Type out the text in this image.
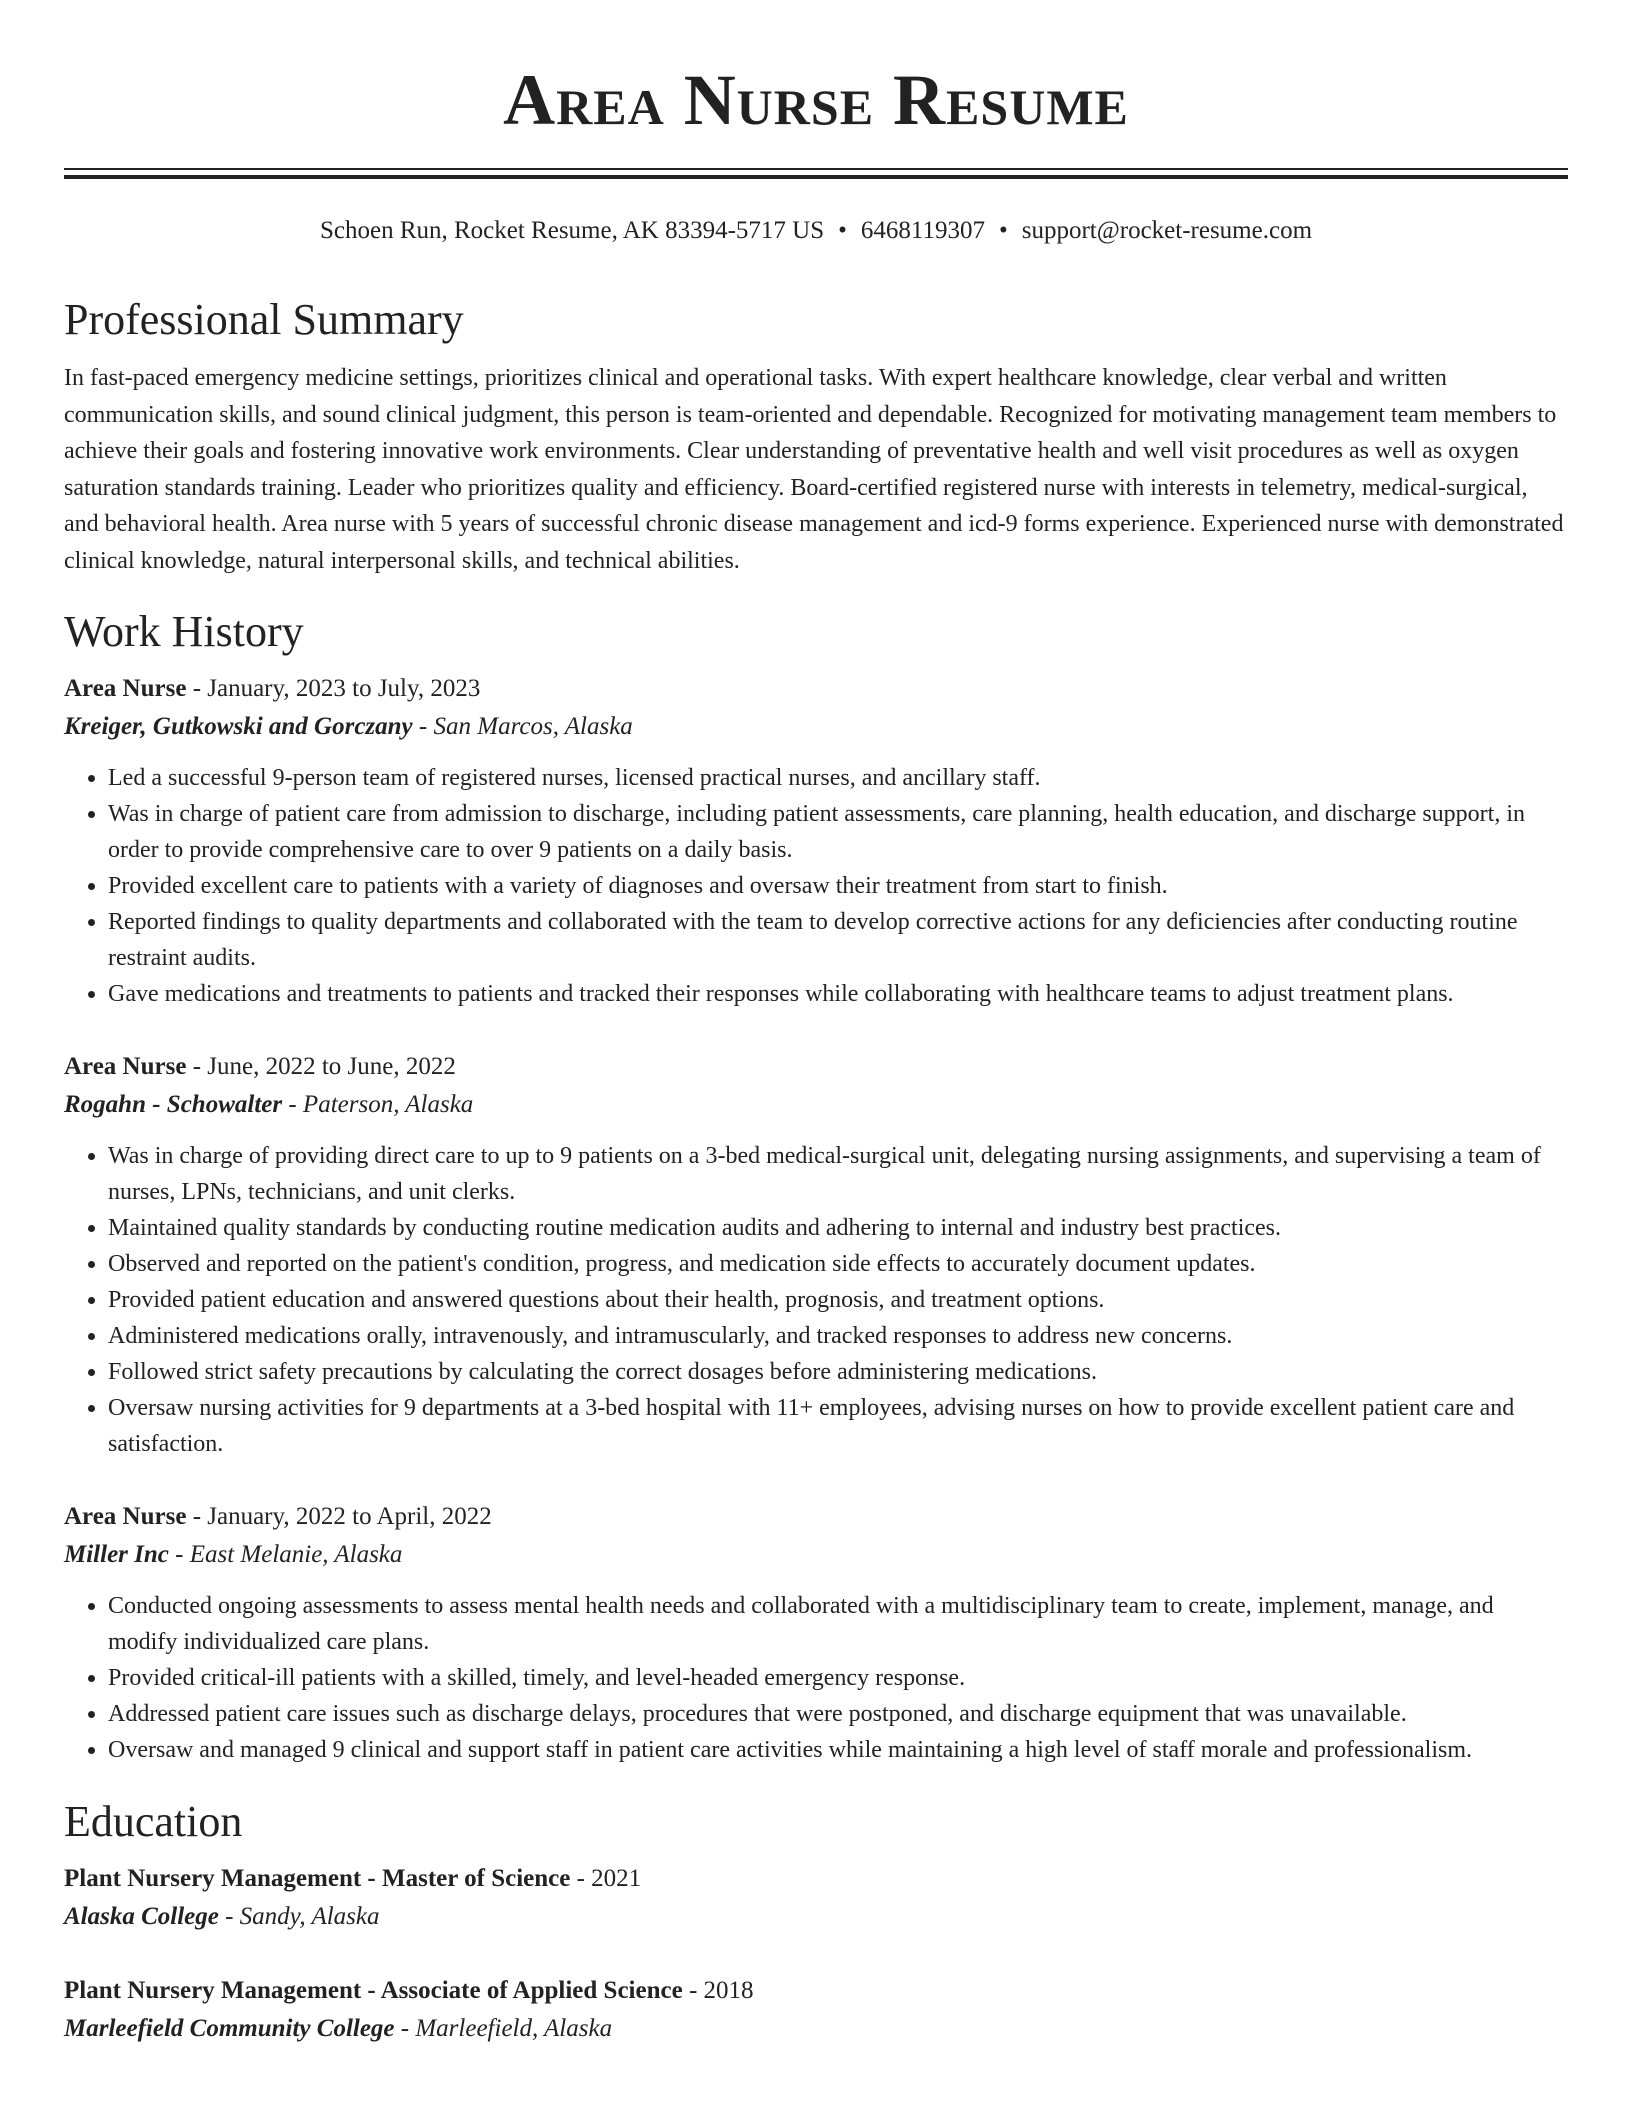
Area Nurse Resume
Schoen Run, Rocket Resume, AK 83394-5717 US • 6468119307 • support@rocket-resume.com
Professional Summary

In fast-paced emergency medicine settings, prioritizes clinical and operational tasks. With expert healthcare knowledge, clear verbal and written communication skills, and sound clinical judgment, this person is team-oriented and dependable. Recognized for motivating management team members to achieve their goals and fostering innovative work environments. Clear understanding of preventative health and well visit procedures as well as oxygen saturation standards training. Leader who prioritizes quality and efficiency. Board-certified registered nurse with interests in telemetry, medical-surgical, and behavioral health. Area nurse with 5 years of successful chronic disease management and icd-9 forms experience. Experienced nurse with demonstrated clinical knowledge, natural interpersonal skills, and technical abilities.

Work History
Area Nurse - January, 2023 to July, 2023
Kreiger, Gutkowski and Gorczany - San Marcos, Alaska
• Led a successful 9-person team of registered nurses, licensed practical nurses, and ancillary staff.
• Was in charge of patient care from admission to discharge, including patient assessments, care planning, health education, and discharge support, in order to provide comprehensive care to over 9 patients on a daily basis.
• Provided excellent care to patients with a variety of diagnoses and oversaw their treatment from start to finish.
• Reported findings to quality departments and collaborated with the team to develop corrective actions for any deficiencies after conducting routine restraint audits.
• Gave medications and treatments to patients and tracked their responses while collaborating with healthcare teams to adjust treatment plans.
Area Nurse - June, 2022 to June, 2022
Rogahn - Schowalter - Paterson, Alaska
• Was in charge of providing direct care to up to 9 patients on a 3-bed medical-surgical unit, delegating nursing assignments, and supervising a team of nurses, LPNs, technicians, and unit clerks.
• Maintained quality standards by conducting routine medication audits and adhering to internal and industry best practices.
• Observed and reported on the patient's condition, progress, and medication side effects to accurately document updates.
• Provided patient education and answered questions about their health, prognosis, and treatment options.
• Administered medications orally, intravenously, and intramuscularly, and tracked responses to address new concerns.
• Followed strict safety precautions by calculating the correct dosages before administering medications.
• Oversaw nursing activities for 9 departments at a 3-bed hospital with 11+ employees, advising nurses on how to provide excellent patient care and satisfaction.
Area Nurse - January, 2022 to April, 2022
Miller Inc - East Melanie, Alaska
• Conducted ongoing assessments to assess mental health needs and collaborated with a multidisciplinary team to create, implement, manage, and modify individualized care plans.
• Provided critical-ill patients with a skilled, timely, and level-headed emergency response.
• Addressed patient care issues such as discharge delays, procedures that were postponed, and discharge equipment that was unavailable.
• Oversaw and managed 9 clinical and support staff in patient care activities while maintaining a high level of staff morale and professionalism.
Education
Plant Nursery Management - Master of Science - 2021
Alaska College - Sandy, Alaska
Plant Nursery Management - Associate of Applied Science - 2018
Marleefield Community College - Marleefield, Alaska
